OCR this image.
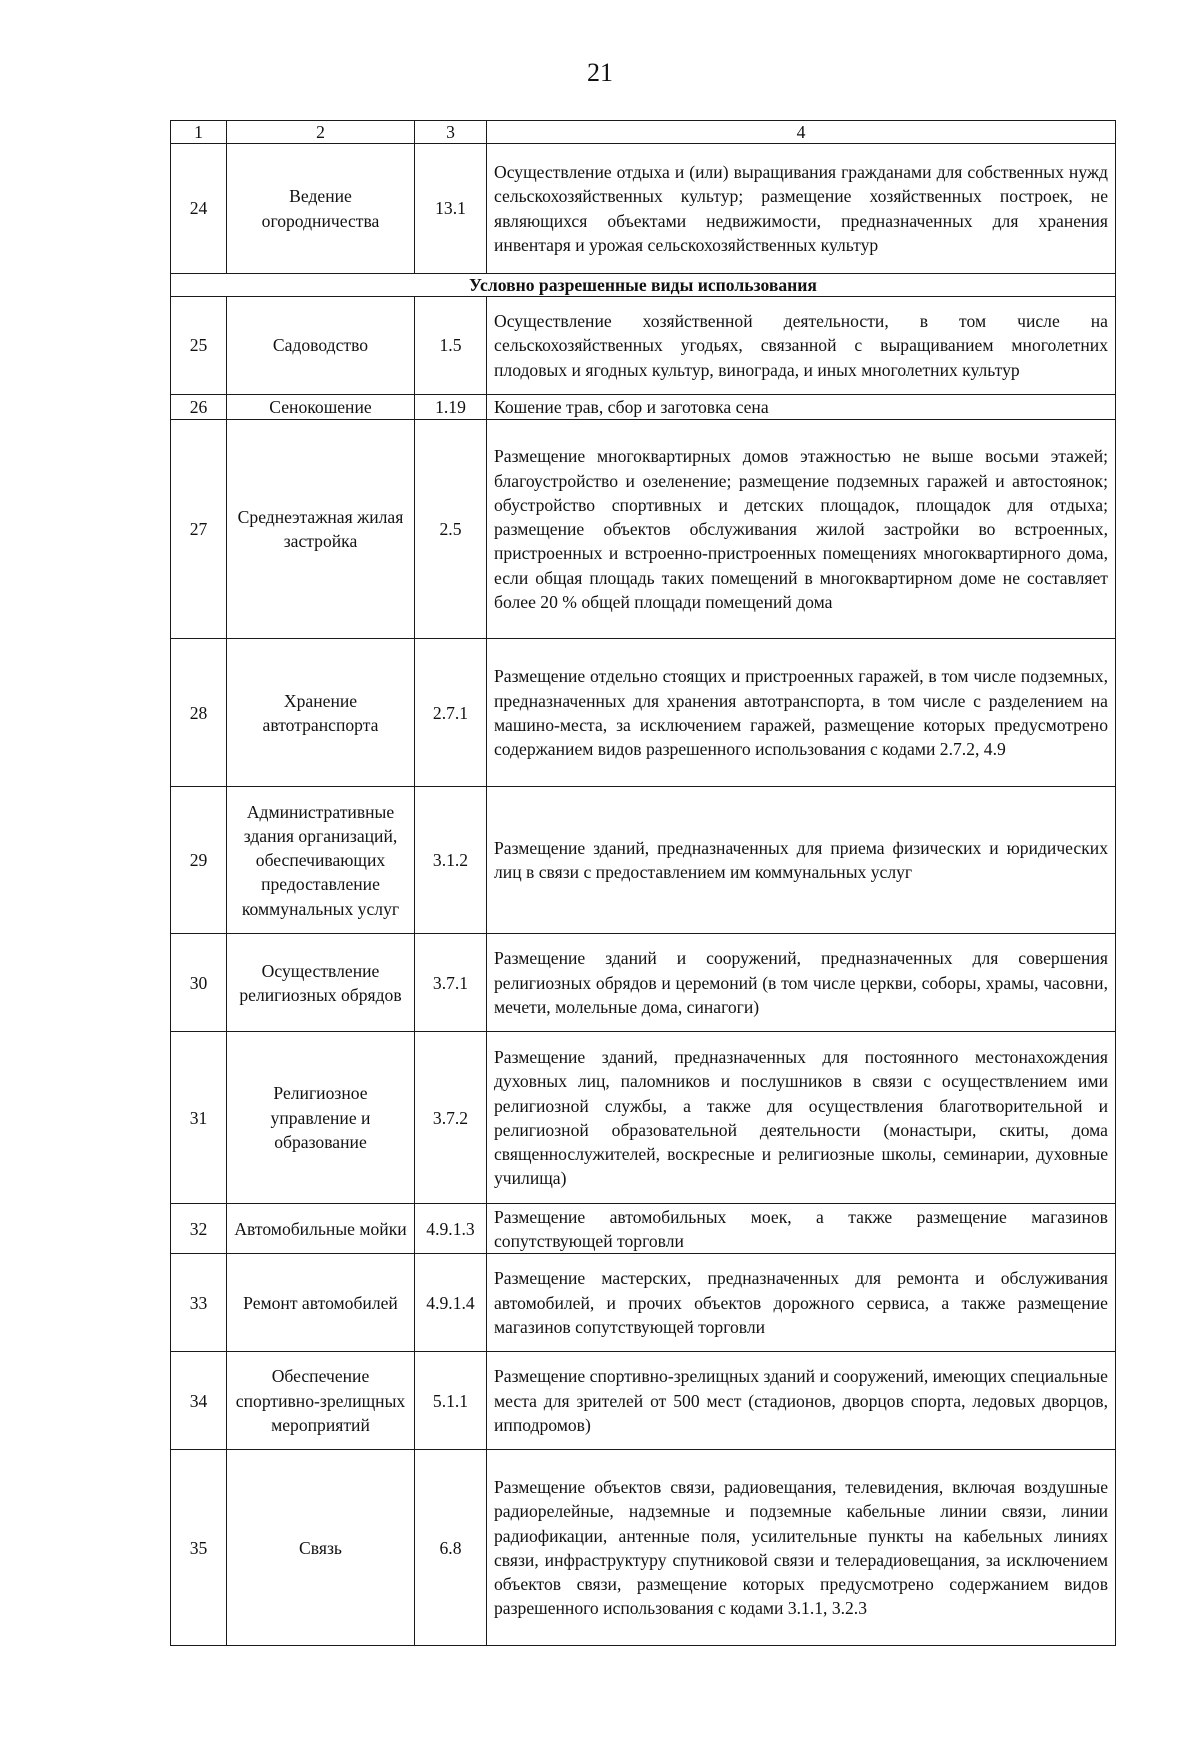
21
1	2	3	4
24	Ведение огородничества	13.1	Осуществление отдыха и (или) выращивания гражданами для собственных нужд сельскохозяйственных культур; размещение хозяйственных построек, не являющихся объектами недвижимости, предназначенных для хранения инвентаря и урожая сельскохозяйственных культур
Условно разрешенные виды использования			
25	Садоводство	1.5	Осуществление хозяйственной деятельности, в том числе на сельскохозяйственных угодьях, связанной с выращиванием многолетних плодовых и ягодных культур, винограда, и иных многолетних культур
26	Сенокошение	1.19	Кошение трав, сбор и заготовка сена
27	Среднеэтажная жилая застройка	2.5	Размещение многоквартирных домов этажностью не выше восьми этажей; благоустройство и озеленение; размещение подземных гаражей и автостоянок; обустройство спортивных и детских площадок, площадок для отдыха; размещение объектов обслуживания жилой застройки во встроенных, пристроенных и встроенно-пристроенных помещениях многоквартирного дома, если общая площадь таких помещений в многоквартирном доме не составляет более 20 % общей площади помещений дома
28	Хранение автотранспорта	2.7.1	Размещение отдельно стоящих и пристроенных гаражей, в том числе подземных, предназначенных для хранения автотранспорта, в том числе с разделением на машино-места, за исключением гаражей, размещение которых предусмотрено содержанием видов разрешенного использования с кодами 2.7.2, 4.9
29	Административные здания организаций, обеспечивающих предоставление коммунальных услуг	3.1.2	Размещение зданий, предназначенных для приема физических и юридических лиц в связи с предоставлением им коммунальных услуг
30	Осуществление религиозных обрядов	3.7.1	Размещение зданий и сооружений, предназначенных для совершения религиозных обрядов и церемоний (в том числе церкви, соборы, храмы, часовни, мечети, молельные дома, синагоги)
31	Религиозное управление и образование	3.7.2	Размещение зданий, предназначенных для постоянного местонахождения духовных лиц, паломников и послушников в связи с осуществлением ими религиозной службы, а также для осуществления благотворительной и религиозной образовательной деятельности (монастыри, скиты, дома священнослужителей, воскресные и религиозные школы, семинарии, духовные училища)
32	Автомобильные мойки	4.9.1.3	Размещение автомобильных моек, а также размещение магазинов сопутствующей торговли
33	Ремонт автомобилей	4.9.1.4	Размещение мастерских, предназначенных для ремонта и обслуживания автомобилей, и прочих объектов дорожного сервиса, а также размещение магазинов сопутствующей торговли
34	Обеспечение спортивно-зрелищных мероприятий	5.1.1	Размещение спортивно-зрелищных зданий и сооружений, имеющих специальные места для зрителей от 500 мест (стадионов, дворцов спорта, ледовых дворцов, ипподромов)
35	Связь	6.8	Размещение объектов связи, радиовещания, телевидения, включая воздушные радиорелейные, надземные и подземные кабельные линии связи, линии радиофикации, антенные поля, усилительные пункты на кабельных линиях связи, инфраструктуру спутниковой связи и телерадиовещания, за исключением объектов связи, размещение которых предусмотрено содержанием видов разрешенного использования с кодами 3.1.1, 3.2.3
